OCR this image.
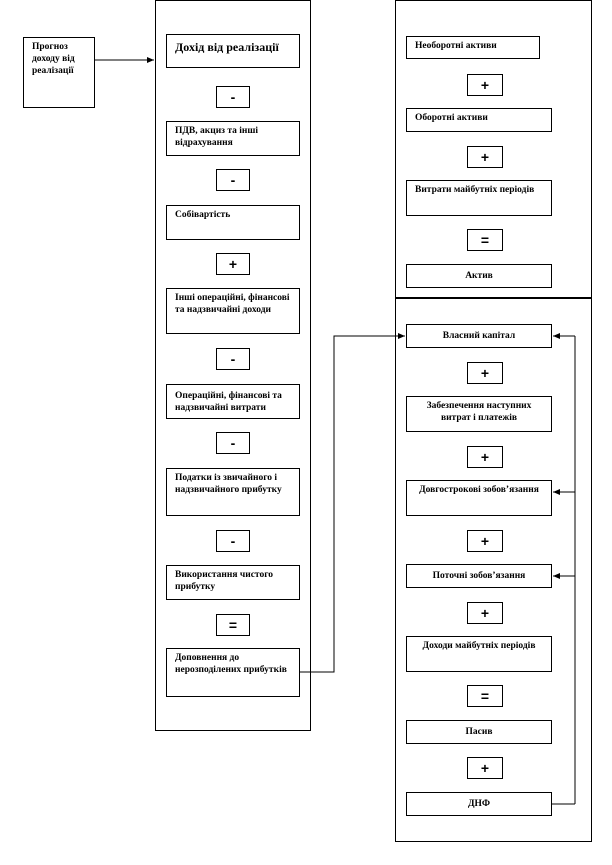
Прогноз доходу від реалізації
Дохід від реалізації
-
ПДВ, акциз та інші відрахування
-
Собівартість
+
Інші операційні, фінансові та надзвичайні доходи
-
Операційні, фінансові та надзвичайні витрати
-
Податки із звичайного і надзвичайного прибутку
-
Використання чистого прибутку
=
Доповнення до нерозподілених прибутків
Необоротні активи
+
Оборотні активи
+
Витрати майбутніх періодів
=
Актив
Власний капітал
+
Забезпечення наступних витрат і платежів
+
Довгострокові зобов’язання
+
Поточні зобов’язання
+
Доходи майбутніх періодів
=
Пасив
+
ДНФ
